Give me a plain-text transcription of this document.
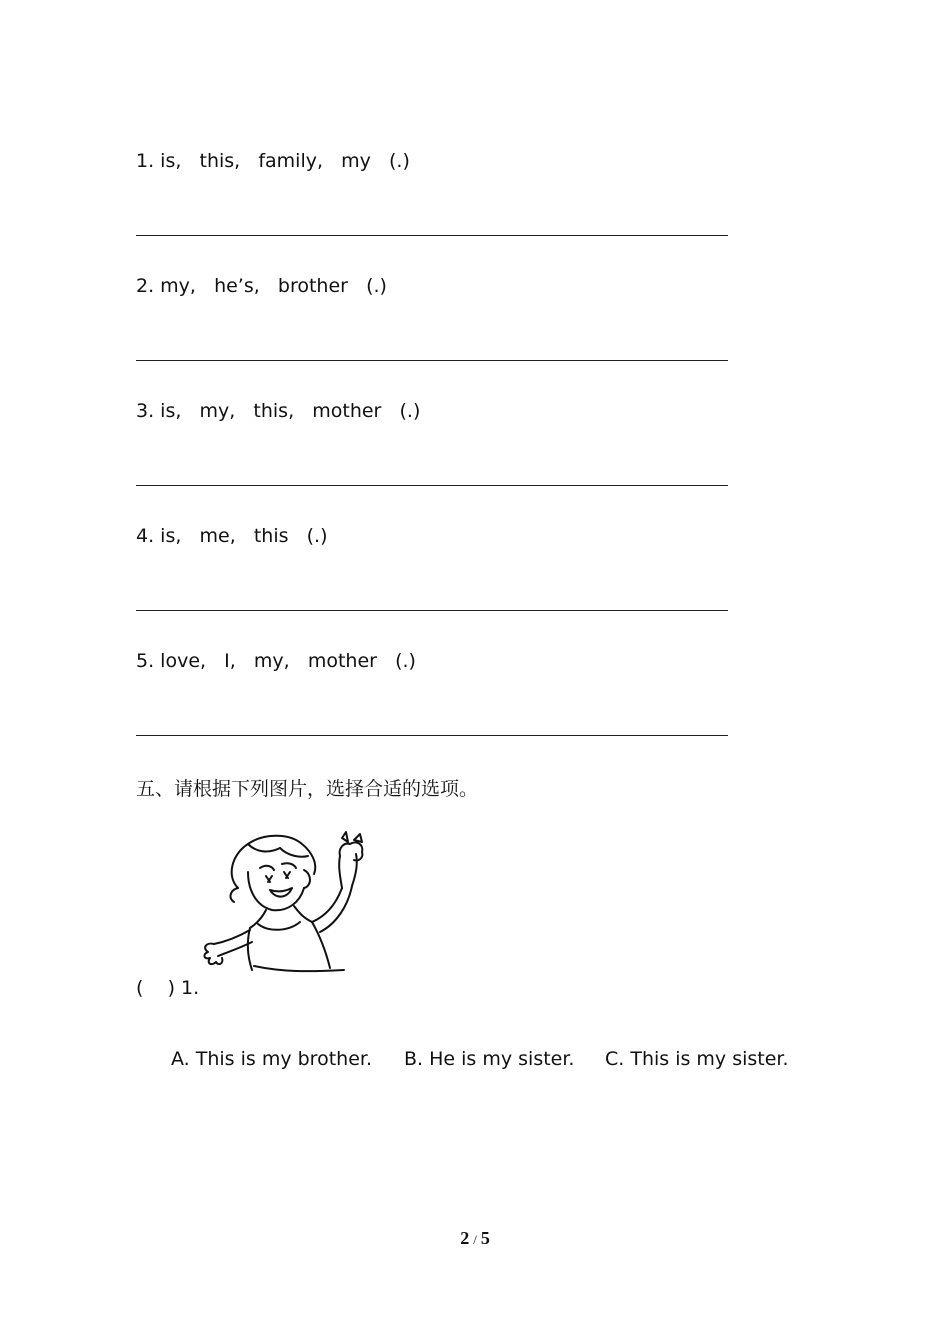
1. is,   this,   family,   my   (.)
2. my,   he’s,   brother   (.)
3. is,   my,   this,   mother   (.)
4. is,   me,   this   (.)
5. love,   I,   my,   mother   (.)
五、请根据下列图片，选择合适的选项。
(    ) 1.
A. This is my brother. B. He is my sister. C. This is my sister.
2 / 5
